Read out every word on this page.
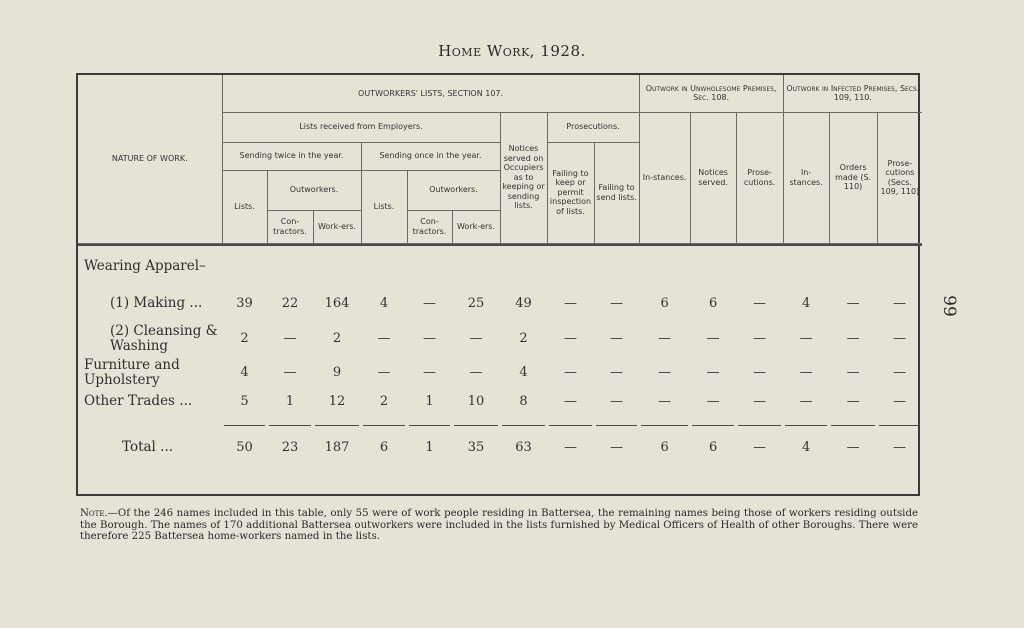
Home Work, 1928.
99
NATURE OF WORK.	OUTWORKERS' LISTS, SECTION 107.									Outwork in Unwholesome Premises, Sec. 108.			Outwork in Infected Premises, Secs. 109, 110.		
	Lists received from Employers.						Notices served on Occupiers as to keeping or sending lists.	Prosecutions.		In-stances.	Notices served.	Prose-cutions.	In-stances.	Orders made (S. 110)	Prose-cutions (Secs. 109, 110)
	Sending twice in the year.			Sending once in the year.				Failing to keep or permit inspection of lists.	Failing to send lists.						
	Lists.	Outworkers.		Lists.	Outworkers.										
		Con-tractors.	Work-ers.		Con-tractors.	Work-ers.									

Wearing Apparel–															
(1) Making ...	39	22	164	4	—	25	49	—	—	6	6	—	4	—	—
(2) Cleansing & Washing	2	—	2	—	—	—	2	—	—	—	—	—	—	—	—
Furniture and Upholstery	4	—	9	—	—	—	4	—	—	—	—	—	—	—	—
Other Trades ...	5	1	12	2	1	10	8	—	—	—	—	—	—	—	—

Total ...	50	23	187	6	1	35	63	—	—	6	6	—	4	—	—
Note.—Of the 246 names included in this table, only 55 were of work people residing in Battersea, the remaining names being those of workers residing outside the Borough. The names of 170 additional Battersea outworkers were included in the lists furnished by Medical Officers of Health of other Boroughs. There were therefore 225 Battersea home-workers named in the lists.
